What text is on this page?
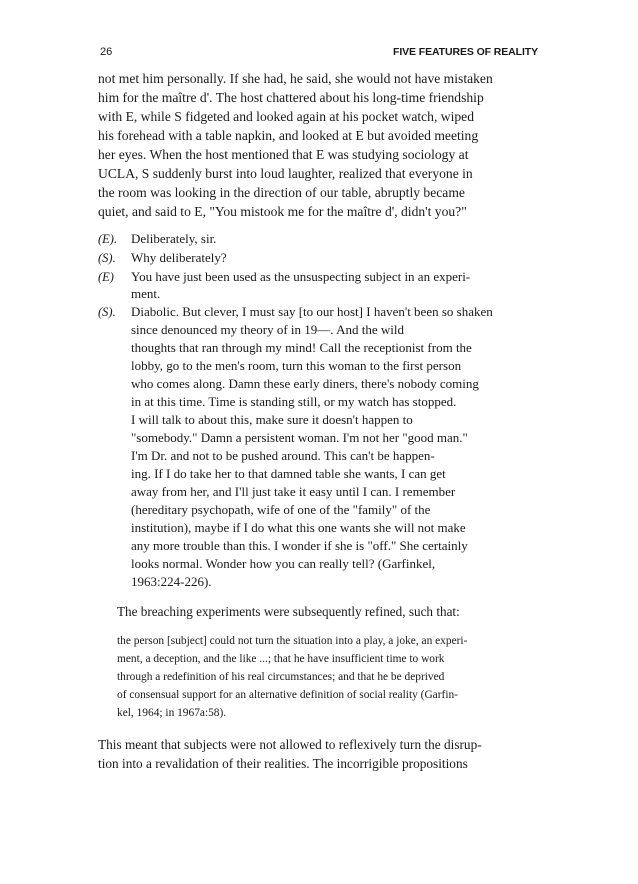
26	FIVE FEATURES OF REALITY
not met him personally. If she had, he said, she would not have mistaken
him for the maître d'. The host chattered about his long-time friendship
with E, while S fidgeted and looked again at his pocket watch, wiped
his forehead with a table napkin, and looked at E but avoided meeting
her eyes. When the host mentioned that E was studying sociology at
UCLA, S suddenly burst into loud laughter, realized that everyone in
the room was looking in the direction of our table, abruptly became
quiet, and said to E, "You mistook me for the maître d', didn't you?"
(E).
(S).
(E)
(S).
Deliberately, sir.
Why deliberately?
You have just been used as the unsuspecting subject in an experi-
ment.
Diabolic. But clever, I must say [to our host] I haven't been so shaken
since denounced my theory of in 19—. And the wild
thoughts that ran through my mind! Call the receptionist from the
lobby, go to the men's room, turn this woman to the first person
who comes along. Damn these early diners, there's nobody coming
in at this time. Time is standing still, or my watch has stopped.
I will talk to about this, make sure it doesn't happen to
"somebody." Damn a persistent woman. I'm not her "good man."
I'm Dr. and not to be pushed around. This can't be happen-
ing. If I do take her to that damned table she wants, I can get
away from her, and I'll just take it easy until I can. I remember
(hereditary psychopath, wife of one of the "family" of the
institution), maybe if I do what this one wants she will not make
any more trouble than this. I wonder if she is "off." She certainly
looks normal. Wonder how you can really tell? (Garfinkel,
1963:224-226).
The breaching experiments were subsequently refined, such that:
the person [subject] could not turn the situation into a play, a joke, an experi-
ment, a deception, and the like ...; that he have insufficient time to work
through a redefinition of his real circumstances; and that he be deprived
of consensual support for an alternative definition of social reality (Garfin-
kel, 1964; in 1967a:58).
This meant that subjects were not allowed to reflexively turn the disrup-
tion into a revalidation of their realities. The incorrigible propositions
